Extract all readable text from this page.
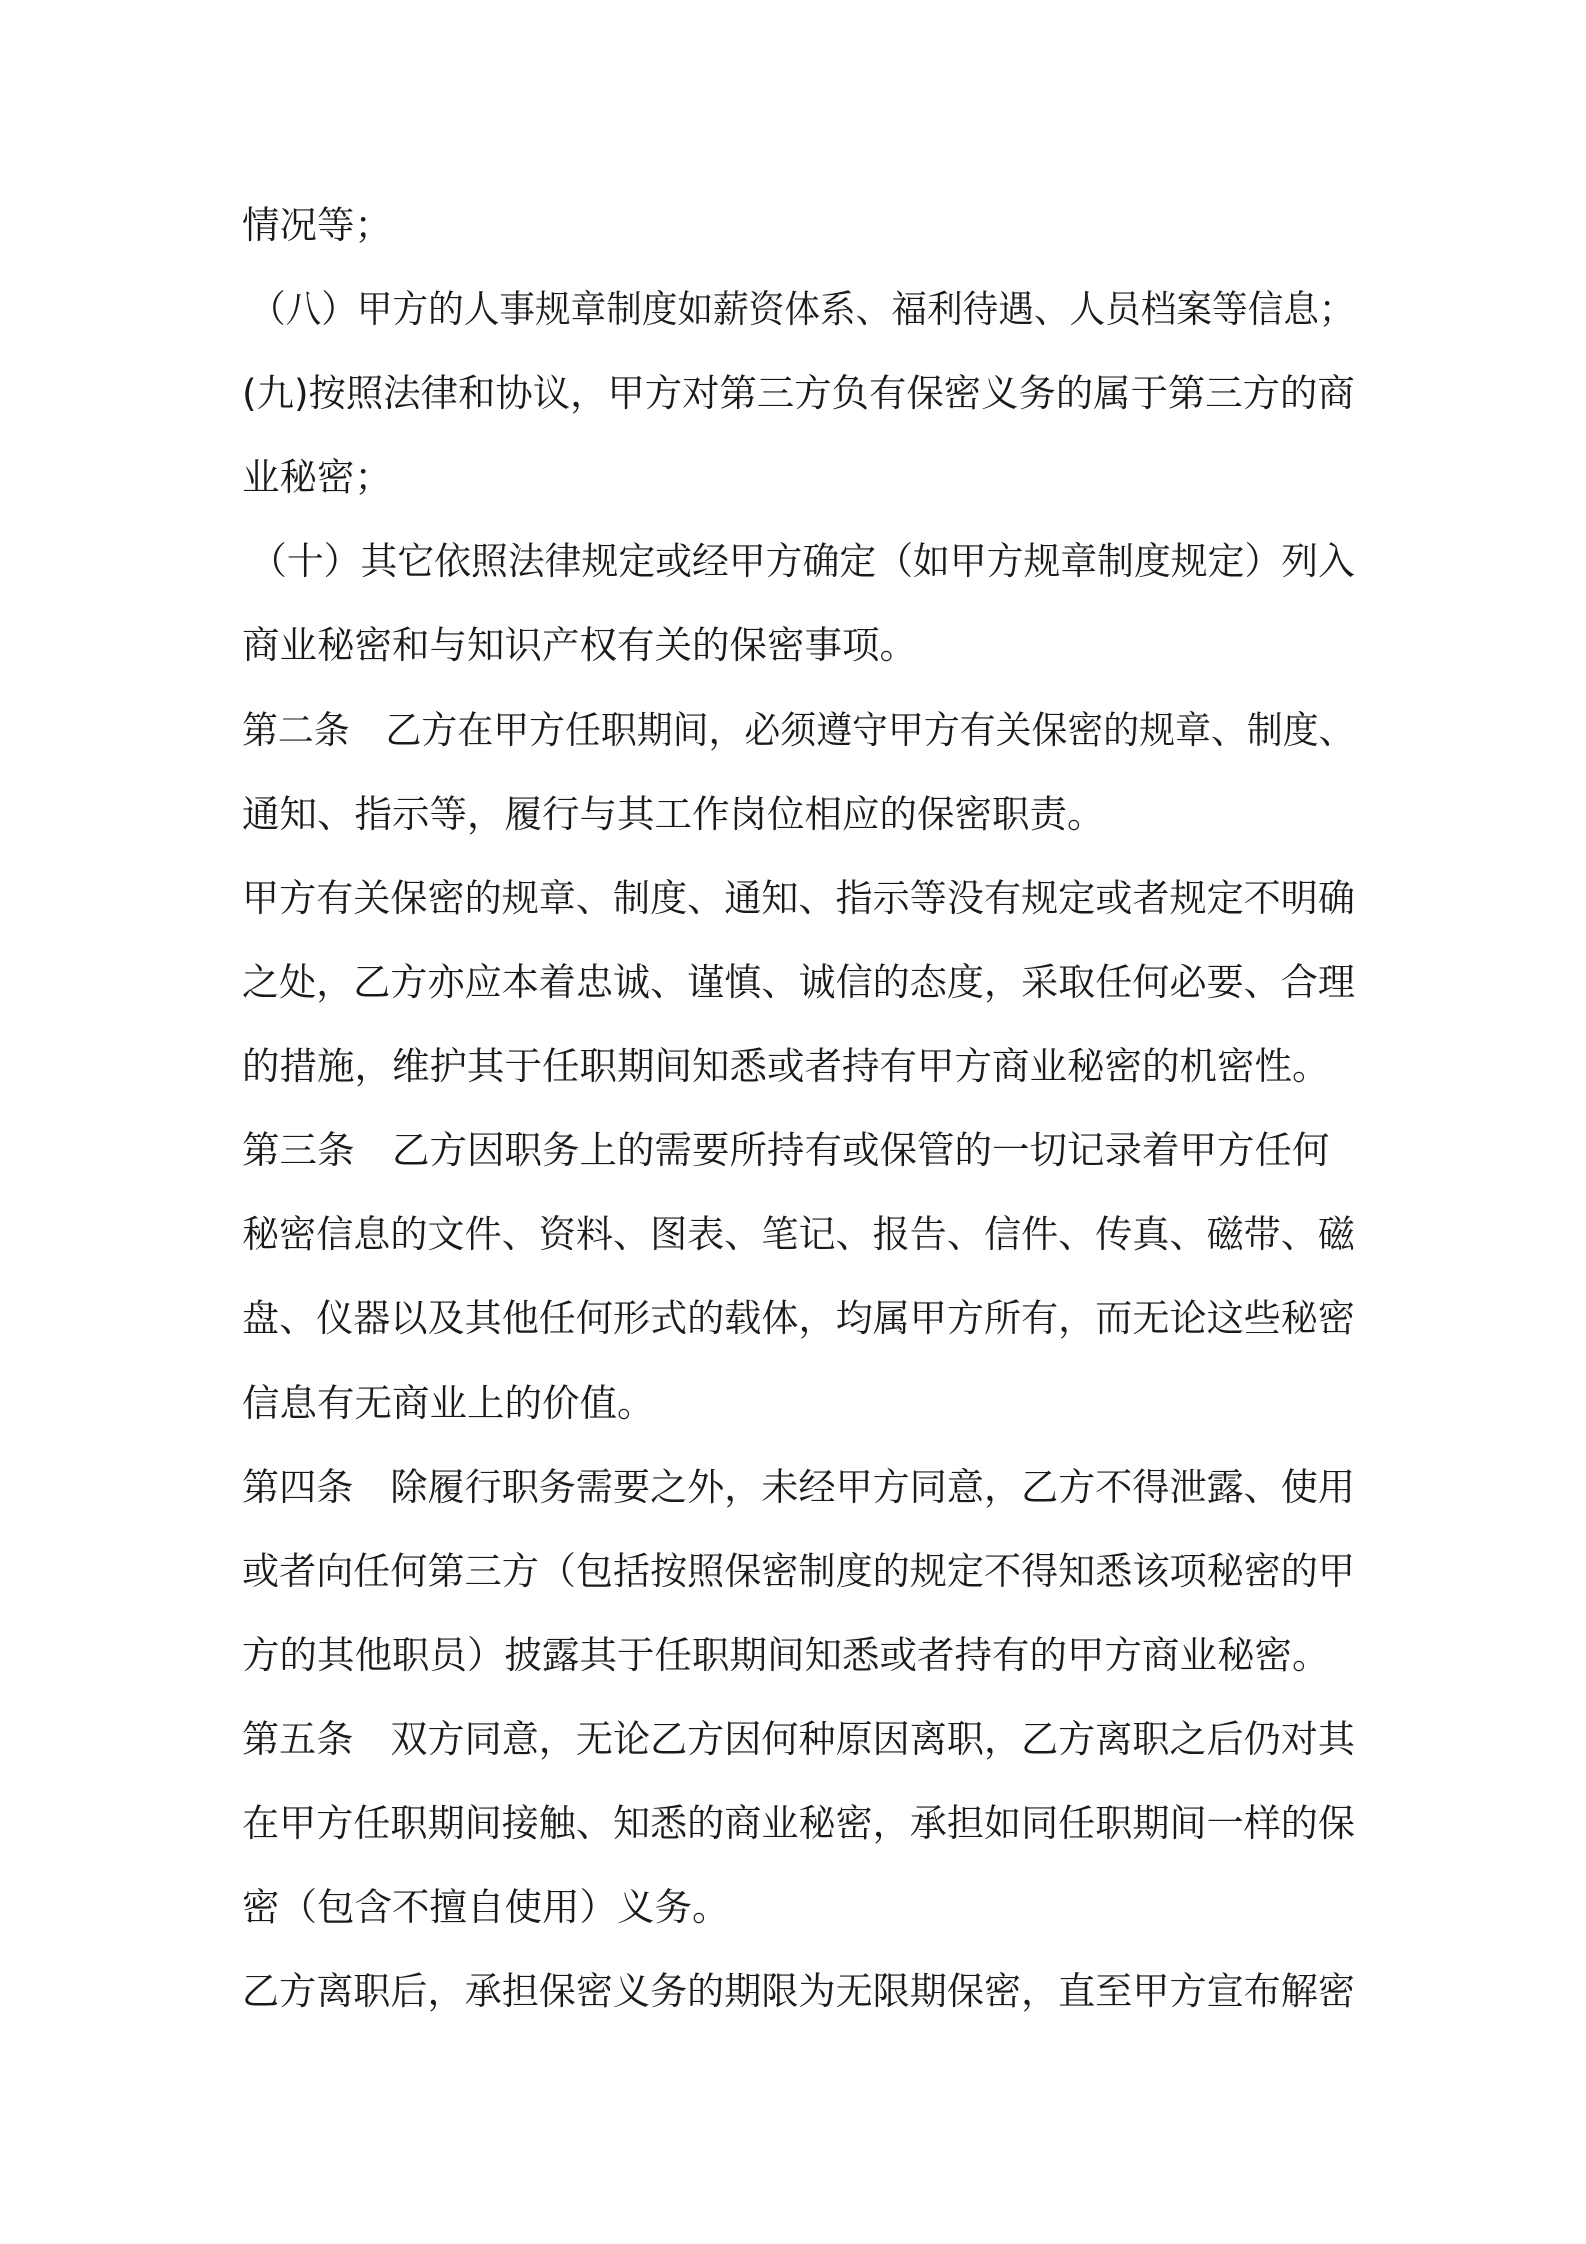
情况等；

（八）甲方的人事规章制度如薪资体系、福利待遇、人员档案等信息；

(九)按照法律和协议，甲方对第三方负有保密义务的属于第三方的商

业秘密；

（十）其它依照法律规定或经甲方确定（如甲方规章制度规定）列入

商业秘密和与知识产权有关的保密事项。

第二条　乙方在甲方任职期间，必须遵守甲方有关保密的规章、制度、

通知、指示等，履行与其工作岗位相应的保密职责。

甲方有关保密的规章、制度、通知、指示等没有规定或者规定不明确

之处，乙方亦应本着忠诚、谨慎、诚信的态度，采取任何必要、合理

的措施，维护其于任职期间知悉或者持有甲方商业秘密的机密性。

第三条　乙方因职务上的需要所持有或保管的一切记录着甲方任何

秘密信息的文件、资料、图表、笔记、报告、信件、传真、磁带、磁

盘、仪器以及其他任何形式的载体，均属甲方所有，而无论这些秘密

信息有无商业上的价值。

第四条　除履行职务需要之外，未经甲方同意，乙方不得泄露、使用

或者向任何第三方（包括按照保密制度的规定不得知悉该项秘密的甲

方的其他职员）披露其于任职期间知悉或者持有的甲方商业秘密。

第五条　双方同意，无论乙方因何种原因离职，乙方离职之后仍对其

在甲方任职期间接触、知悉的商业秘密，承担如同任职期间一样的保

密（包含不擅自使用）义务。

乙方离职后，承担保密义务的期限为无限期保密，直至甲方宣布解密
